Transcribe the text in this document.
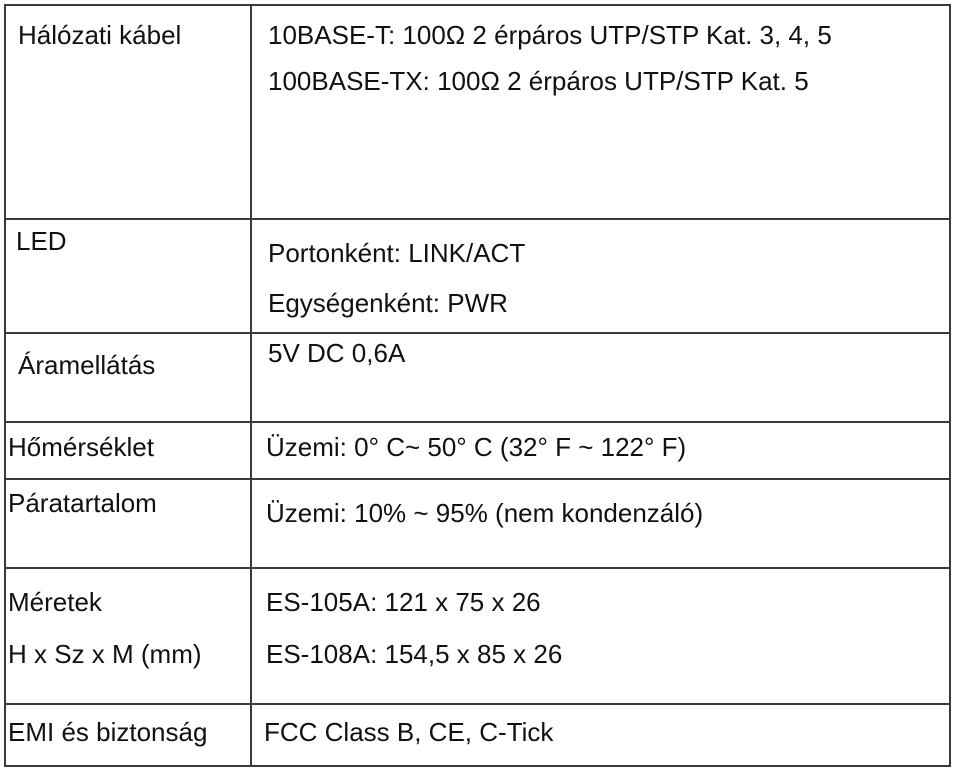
Hálózati kábel	10BASE-T: 100Ω 2 érpáros UTP/STP Kat. 3, 4, 5
100BASE-TX: 100Ω 2 érpáros UTP/STP Kat. 5

LED	Portonként: LINK/ACT
Egységenként: PWR

Áramellátás	5V DC 0,6A

Hőmérséklet	Üzemi: 0° C~ 50° C (32° F ~ 122° F)

Páratartalom	Üzemi: 10% ~ 95% (nem kondenzáló)

Méretek
H x Sz x M (mm)	ES-105A: 121 x 75 x 26
ES-108A: 154,5 x 85 x 26

EMI és biztonság	FCC Class B, CE, C-Tick
